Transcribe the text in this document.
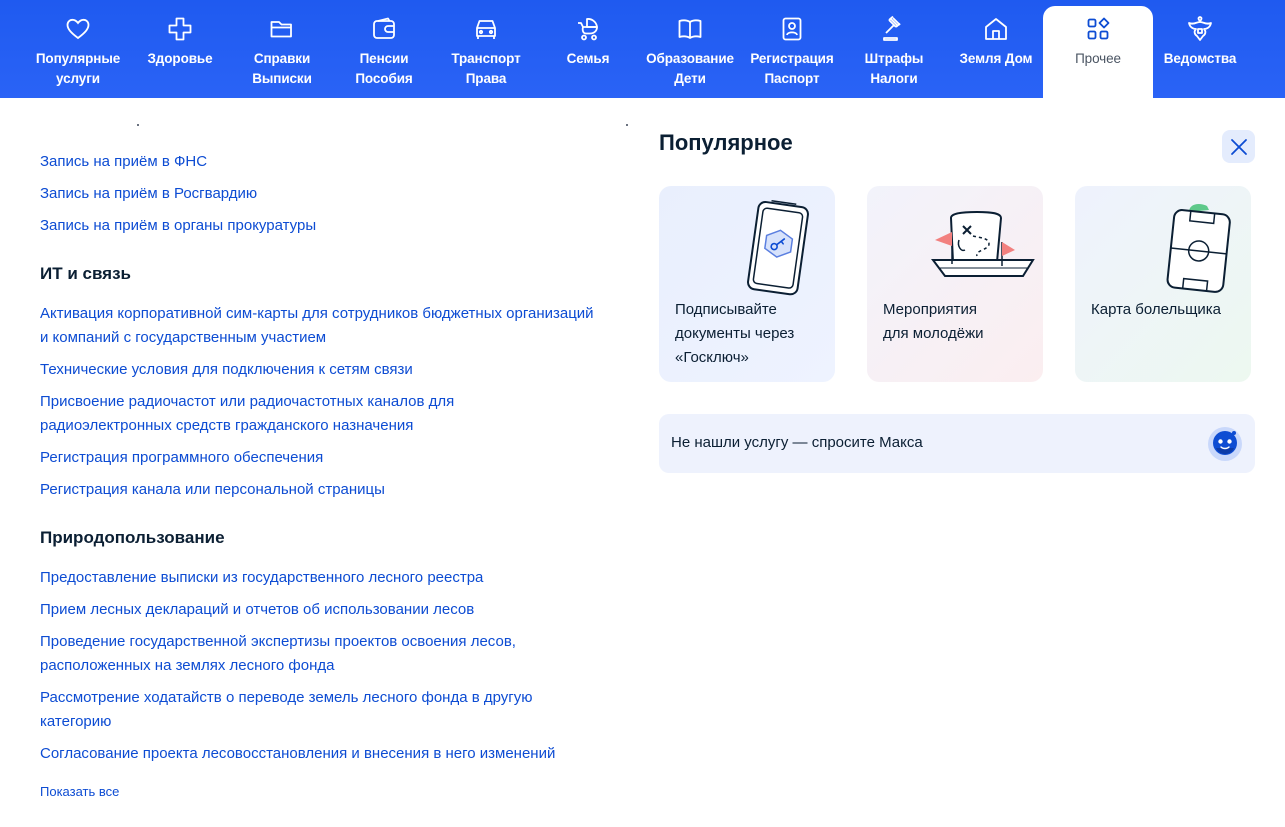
Популярные
услуги
Здоровье	Справки
Выписки
Пенсии
Пособия
Транспорт
Права
Семья	Образование
Дети
Регистрация
Паспорт
Штрафы
Налоги
Земля Дом	Прочее	Ведомства
Запись на приём в ФНС
Запись на приём в Росгвардию
Запись на приём в органы прокуратуры
ИТ и связь
Активация корпоративной сим-карты для сотрудников бюджетных организаций и компаний с государственным участием
Технические условия для подключения к сетям связи
Присвоение радиочастот или радиочастотных каналов для радиоэлектронных средств гражданского назначения
Регистрация программного обеспечения
Регистрация канала или персональной страницы
Природопользование
Предоставление выписки из государственного лесного реестра
Прием лесных деклараций и отчетов об использовании лесов
Проведение государственной экспертизы проектов освоения лесов, расположенных на землях лесного фонда
Рассмотрение ходатайств о переводе земель лесного фонда в другую категорию
Согласование проекта лесовосстановления и внесения в него изменений
Показать все
Популярное
Подписывайте
документы через
«Госключ»
Мероприятия
для молодёжи
Карта болельщика
Не нашли услугу — спросите Макса
